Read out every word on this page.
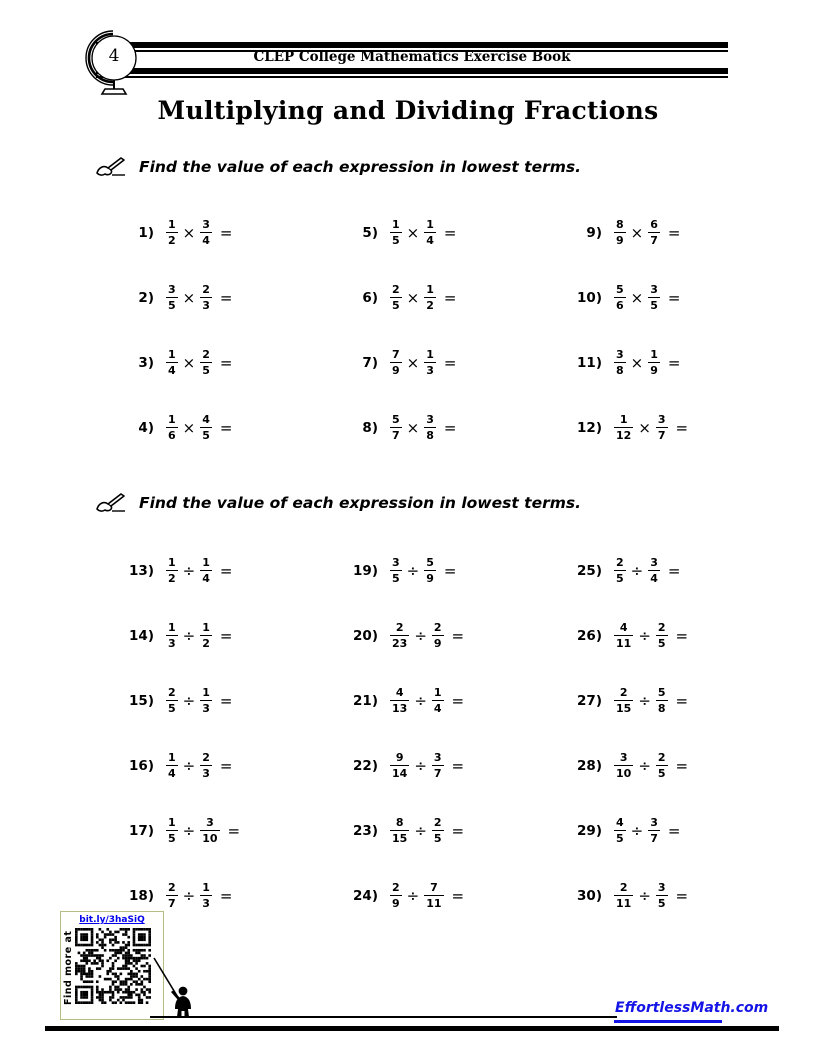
CLEP College Mathematics Exercise Book
4
Multiplying and Dividing Fractions
Find the value of each expression in lowest terms.
$1) \frac{1}{2} \times \frac{3}{4}$ =
$2) \frac{3}{5} \times \frac{2}{3}$ =
$3) \frac{1}{4} \times \frac{2}{5}$ =
$4) \frac{1}{6} \times \frac{4}{5}$ =
$5) \frac{1}{5} \times \frac{1}{4}$ =
$6) \frac{2}{5} \times \frac{1}{2}$ =
$7) \frac{7}{9} \times \frac{1}{3}$ =
$8) \frac{5}{7} \times \frac{3}{8}$ =
$9) \frac{8}{9} \times \frac{6}{7}$ =
$10) \frac{5}{6} \times \frac{3}{5}$ =
$11) \frac{3}{8} \times \frac{1}{9}$ =
$12) \frac{1}{12} \times \frac{3}{7}$ =
Find the value of each expression in lowest terms.
$13) \frac{1}{2} \div \frac{1}{4}$ =
$14) \frac{1}{3} \div \frac{1}{2}$ =
$15) \frac{2}{5} \div \frac{1}{3}$ =
$16) \frac{1}{4} \div \frac{2}{3}$ =
$17) \frac{1}{5} \div \frac{3}{10}$ =
$18) \frac{2}{7} \div \frac{1}{3}$ =
$19) \frac{3}{5} \div \frac{5}{9}$ =
$20) \frac{2}{23} \div \frac{2}{9}$ =
$21) \frac{4}{13} \div \frac{1}{4}$ =
$22) \frac{9}{14} \div \frac{3}{7}$ =
$23) \frac{8}{15} \div \frac{2}{5}$ =
$24) \frac{2}{9} \div \frac{7}{11}$ =
$25) \frac{2}{5} \div \frac{3}{4}$ =
$26) \frac{4}{11} \div \frac{2}{5}$ =
$27) \frac{2}{15} \div \frac{5}{8}$ =
$28) \frac{3}{10} \div \frac{2}{5}$ =
$29) \frac{4}{5} \div \frac{3}{7}$ =
$30) \frac{2}{11} \div \frac{3}{5}$ =
bit.ly/3haSiQ
Find more at
EffortlessMath.com
